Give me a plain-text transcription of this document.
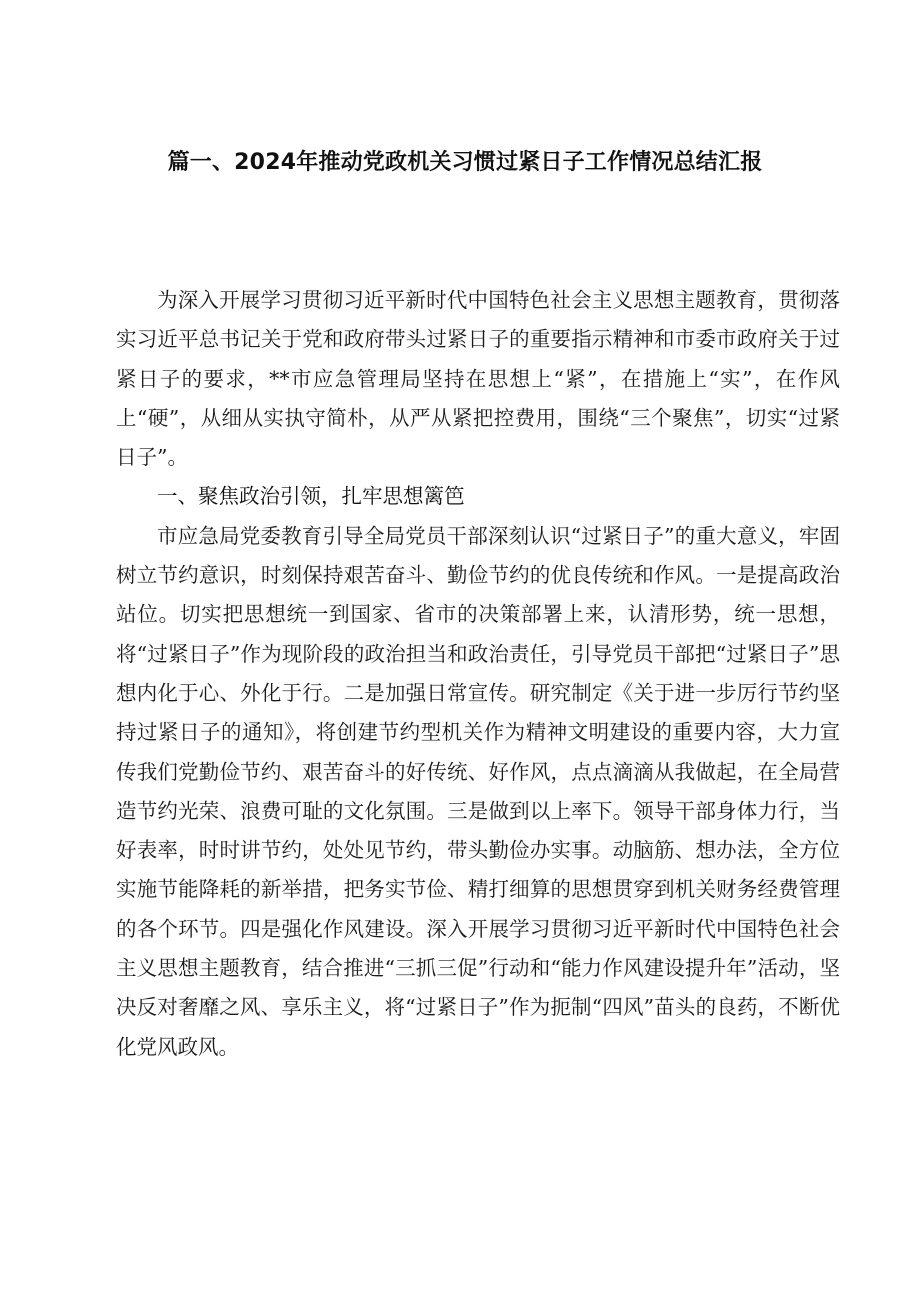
篇一、2024年推动党政机关习惯过紧日子工作情况总结汇报

为深入开展学习贯彻习近平新时代中国特色社会主义思想主题教育，贯彻落实习近平总书记关于党和政府带头过紧日子的重要指示精神和市委市政府关于过紧日子的要求，**市应急管理局坚持在思想上“紧”，在措施上“实”，在作风上“硬”，从细从实执守简朴，从严从紧把控费用，围绕“三个聚焦”，切实“过紧日子”。

一、聚焦政治引领，扎牢思想篱笆

市应急局党委教育引导全局党员干部深刻认识“过紧日子”的重大意义，牢固树立节约意识，时刻保持艰苦奋斗、勤俭节约的优良传统和作风。一是提高政治站位。切实把思想统一到国家、省市的决策部署上来，认清形势，统一思想，将“过紧日子”作为现阶段的政治担当和政治责任，引导党员干部把“过紧日子”思想内化于心、外化于行。二是加强日常宣传。研究制定《关于进一步厉行节约坚持过紧日子的通知》，将创建节约型机关作为精神文明建设的重要内容，大力宣传我们党勤俭节约、艰苦奋斗的好传统、好作风，点点滴滴从我做起，在全局营造节约光荣、浪费可耻的文化氛围。三是做到以上率下。领导干部身体力行，当好表率，时时讲节约，处处见节约，带头勤俭办实事。动脑筋、想办法，全方位实施节能降耗的新举措，把务实节俭、精打细算的思想贯穿到机关财务经费管理的各个环节。四是强化作风建设。深入开展学习贯彻习近平新时代中国特色社会主义思想主题教育，结合推进“三抓三促”行动和“能力作风建设提升年”活动，坚决反对奢靡之风、享乐主义，将“过紧日子”作为扼制“四风”苗头的良药，不断优化党风政风。
